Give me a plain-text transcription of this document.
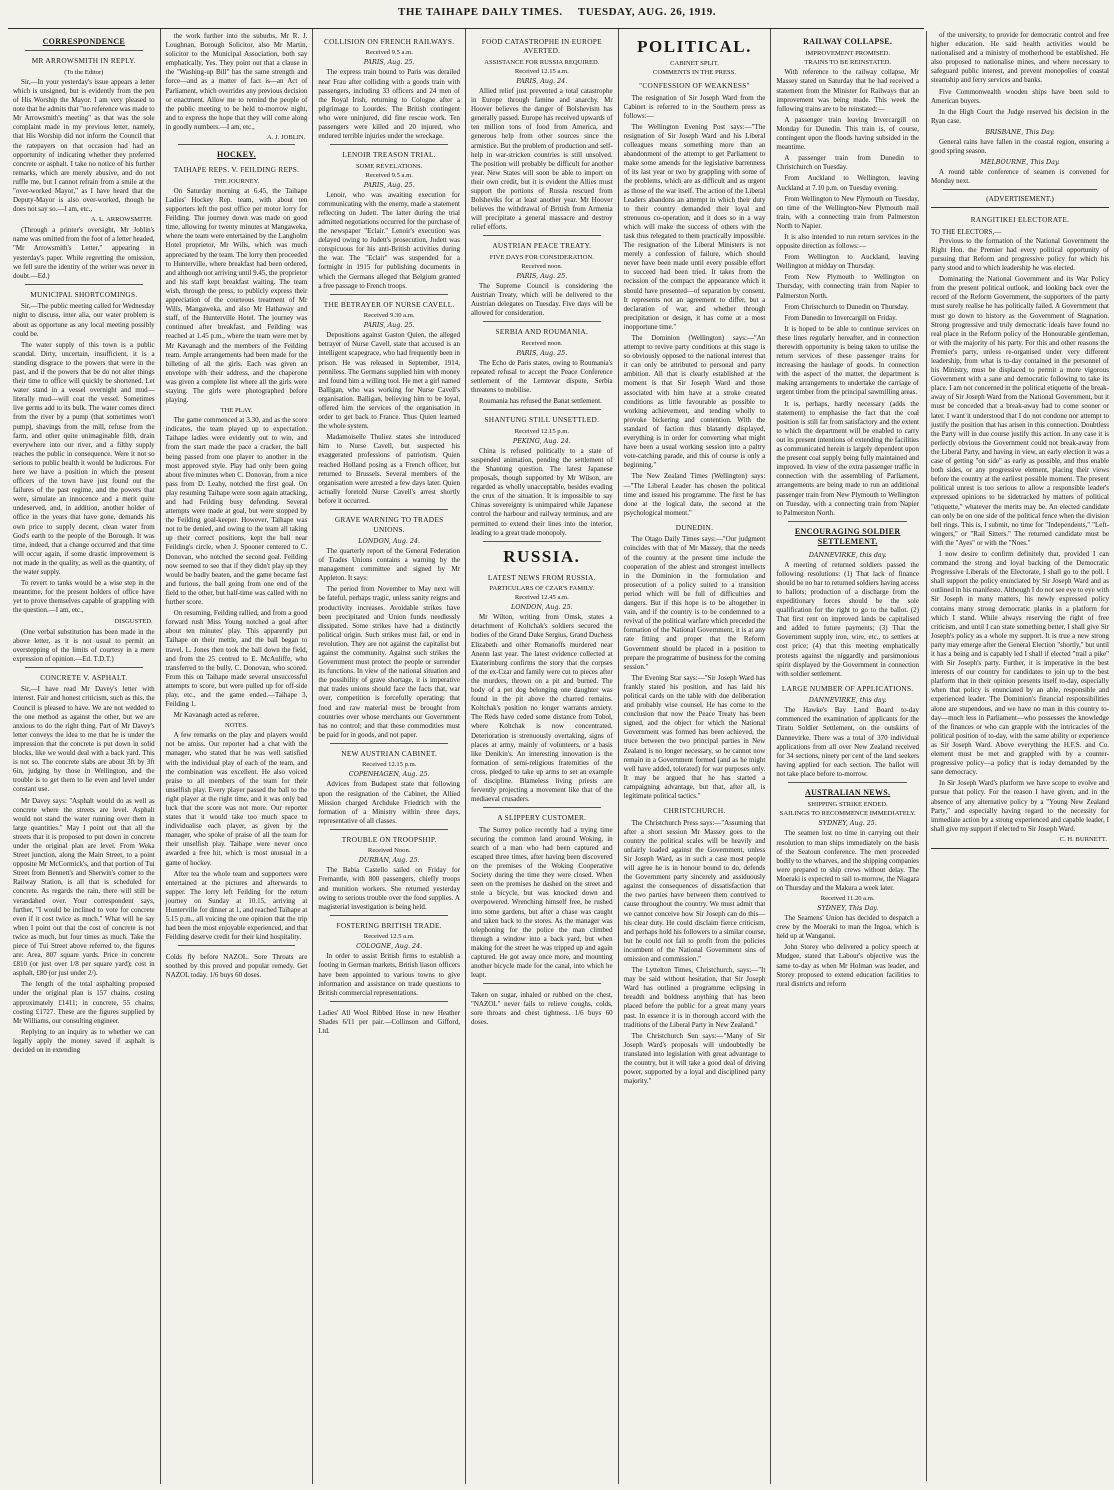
THE TAIHAPE DAILY TIMES. TUESDAY, AUG. 26, 1919.
CORRESPONDENCE
MR ARROWSMITH IN REPLY.
(To the Editor)

Sir,—In your yesterday's issue appears a letter which is unsigned, but is evidently from the pen of His Worship the Mayor. I am very pleased to note that he admits that "no reference was made to Mr Arrowsmith's meeting" as that was the sole complaint made in my previous letter, namely, that His Worship did not inform the Council that the ratepayers on that occasion had had an opportunity of indicating whether they preferred concrete or asphalt. I take no notice of his further remarks, which are merely abusive, and do not ruffle me, but I cannot refrain from a smile at the "over-worked Mayor," as I have heard that the Deputy-Mayor is also over-worked, though he does not say so.—I am, etc.,

A. L. ARROWSMITH.

(Through a printer's oversight, Mr Joblin's name was omitted from the foot of a letter headed, "Mr Arrowsmith's Letter," appearing in yesterday's paper. While regretting the omission, we fell sure the identity of the writer was never in doubt.—Ed.)

MUNICIPAL SHORTCOMINGS.

Sir,—The public meeting called for Wednesday night to discuss, inter alia, our water problem is about as opportune as any local meeting possibly could be.

The water supply of this town is a public scandal. Dirty, uncertain, insufficient, it is a standing disgrace to the powers that were in the past, and if the powers that be do not alter things their time to office will quickly be shortened. Let water stand in a vessel overnight and mud—literally mud—will coat the vessel. Sometimes live germs add to its bulk. The water comes direct from the river by a pump (that sometimes won't pump), shavings from the mill, refuse from the farm, and other quite unimaginable filth, drain everywhere into our river, and a filthy supply reaches the public in consequence. Were it not so serious to public health it would be ludicrous. For here we have a position in which the present officers of the town have just found out the failures of the past regime, and the powers that were, simulate an innocence and a merit quite undeserved, and, in addition, another holder of office in the years that have gone, demands his own price to supply decent, clean water from God's earth to the people of the Borough. It was time, indeed, that a change occurred and that time will occur again, if some drastic improvement is not made in the quality, as well as the quantity, of the water supply.

To revert to tanks would be a wise step in the meantime, for the present holders of office have yet to prove themselves capable of grappling with the question.—I am, etc.,

DISGUSTED.

(One verbal substitution has been made in the above letter, as it is not usual to permit an overstepping of the limits of courtesy in a mere expression of opinion.—Ed. T.D.T.)

CONCRETE V. ASPHALT.

Sir,—I have read Mr Davey's letter with interest. Fair and honest criticism, such as this, the Council is pleased to have. We are not wedded to the one method as against the other, but we are anxious to do the right thing. Part of Mr Davey's letter conveys the idea to me that he is under the impression that the concrete is put down in solid blocks, like we would deal with a back yard. This is not so. The concrete slabs are about 3ft by 3ft 6in, judging by those in Wellington, and the trouble is to get them to lie even and level under constant use.

Mr Davey says: "Asphalt would do as well as concrete where the streets are level. Asphalt would not stand the water running over them in large quantities." May I point out that all the streets that it is proposed to put down in concrete under the original plan are level. From Weka Street junction, along the Main Street, to a point opposite Mr McCormick's, and that portion of Tui Street from Bennett's and Sherwin's corner to the Railway Station, is all that is scheduled for concrete. As regards the rain, there will still be verandahed over. Your correspondent says, further, "I would be inclined to vote for concrete even if it cost twice as much." What will he say when I point out that the cost of concrete is not twice as much, but four times as much. Take the piece of Tui Street above referred to, the figures are: Area, 807 square yards. Price in concrete £810 (or just over 1/8 per square yard); cost in asphalt, £80 (or just under 2/).

The length of the total asphalting proposed under the original plan is 157 chains, costing approximately £1411; in concrete, 55 chains, costing £1727. These are the figures supplied by Mr Williams, our consulting engineer.

Replying to an inquiry as to whether we can legally apply the money saved if asphalt is decided on in extending

the work further into the suburbs, Mr R. J. Loughnan, Borough Solicitor, also Mr Martin, solicitor to the Municipal Association, both say emphatically, Yes. They point out that a clause in the "Washing-up Bill" has the same strength and force—and as a matter of fact is—an Act of Parliament, which overrides any previous decision or enactment. Allow me to remind the people of the public meeting to be held to-morrow night, and to express the hope that they will come along in goodly numbers.—I am, etc.,

A. J. JOBLIN.
HOCKEY.
TAIHAPE REPS. V. FEILDING REPS.
THE JOURNEY.

On Saturday morning at 6.45, the Taihape Ladies' Hockey Rep. team, with about ten supporters left the post office per motor lorry for Feilding. The journey down was made on good time, allowing for twenty minutes at Mangaweka, where the team were entertained by the Langholm Hotel proprietor, Mr Wills, which was much appreciated by the team. The lorry then proceeded to Hunterville, where breakfast had been ordered, and although not arriving until 9.45, the proprietor and his staff kept breakfast waiting. The team wish, through the press, to publicly express their appreciation of the courteous treatment of Mr Wills, Mangaweka, and also Mr Hathaway and staff, of the Hunterville Hotel. The journey was continued after breakfast, and Feilding was reached at 1.45 p.m., where the team were met by Mr Kavanagh and the members of the Feilding team. Ample arrangements had been made for the billeting of all the girls. Each was given an envelope with their address, and the chaperone was given a complete list where all the girls were staying. The girls were photographed before playing.

THE PLAY.

The game commenced at 3.30, and as the score indicates, the team played up to expectation. Taihape ladies were evidently out to win, and from the start made the pace a cracker, the ball being passed from one player to another in the most approved style. Play had only been going about five minutes when C. Donovan, from a nice pass from D. Leahy, notched the first goal. On play resuming Taihape were soon again attacking, and had Feilding busy defending. Several attempts were made at goal, but were stopped by the Feilding goal-keeper. However, Taihape was not to be denied, and owing to the team all taking up their correct positions, kept the ball near Feilding's circle, when J. Spooner centered to C. Donovan, who notched the second goal. Feilding now seemed to see that if they didn't play up they would be badly beaten, and the game became fast and furious, the ball going from one end of the field to the other, but half-time was called with no further score.

On resuming, Feilding rallied, and from a good forward rush Miss Young notched a goal after about ten minutes' play. This apparently put Taihape on their mettle, and the ball began to travel. L. Jones then took the ball down the field, and from the 25 centred to E. McAuliffe, who transferred to the bully, C. Donovan, who scored. From this on Taihape made several unsuccessful attempts to score, but were pulled up for off-side play, etc., and the game ended.—Taihape 3, Feilding 1.

Mr Kavanagh acted as referee.

NOTES.

A few remarks on the play and players would not be amiss. Our reporter had a chat with the manager, who stated that he was well satisfied with the individual play of each of the team, and the combination was excellent. He also voiced praise to all members of the team for their unselfish play. Every player passed the ball to the right player at the right time, and it was only bad luck that the score was not more. Our reporter states that it would take too much space to individualise each player, as given by the manager, who spoke of praise of all the team for their unselfish play. Taihape were never once awarded a free hit, which is most unusual in a game of hockey.

After tea the whole team and supporters were entertained at the pictures and afterwards to supper. The lorry left Feilding for the return journey on Sunday at 10.15, arriving at Hunterville for dinner at 1, and reached Taihape at 5.15 p.m., all voicing the one opinion that the trip had been the most enjoyable experienced, and that Feilding deserve credit for their kind hospitality.

Colds fly before NAZOL. Sore Throats are soothed by this proved and popular remedy. Get NAZOL today. 1/6 buys 60 doses.

COLLISION ON FRENCH RAILWAYS.
Received 9.5 a.m.
PARIS, Aug. 25.

The express train bound to Paris was derailed near Frau after colliding with a goods train with passengers, including 33 officers and 24 men of the Royal Irish, returning to Cologne after a pilgrimage to Lourdes. The British contingent who were uninjured, did fine rescue work. Ten passengers were killed and 20 injured, who endured terrible injuries under the wreckage.

LENOIR TREASON TRIAL.
SOME REVELATIONS.
Received 9.5 a.m.
PARIS, Aug. 25.

Lenoir, who was awaiting execution for communicating with the enemy, made a statement reflecting on Judett. The latter during the trial admitted negotiations occurred for the purchase of the newspaper "Eclair." Lenoir's execution was delayed owing to Judett's prosecution, Judett was conspicuous for his anti-British activities during the war. The "Eclair" was suspended for a fortnight in 1915 for publishing documents in which the Germans alleged that Belgium granted a free passage to French troops.

THE BETRAYER OF NURSE CAVELL.
Received 9.30 a.m.
PARIS, Aug. 25.

Depositions against Gaston Quien, the alleged betrayer of Nurse Cavell, state that accused is an intelligent scapegrace, who had frequently been in prison. He was released in September, 1914, penniless. The Germans supplied him with money and found him a willing tool. He met a girl named Balligan, who was working for Nurse Cavell's organisation. Balligan, believing him to be loyal, offered him the services of the organisation in order to get back to France. Thus Quien learned the whole system.

Madamoiselle Thuliez states she introduced him to Nurse Cavell, but suspected his exaggerated professions of patriotism. Quien reached Holland posing as a French officer, but returned to Brussels. Several members of the organisation were arrested a few days later. Quien actually foretold Nurse Cavell's arrest shortly before it occurred.

GRAVE WARNING TO TRADES UNIONS.
LONDON, Aug. 24.

The quarterly report of the General Federation of Trades Unions contains a warning by the management committee and signed by Mr Appleton. It says:

The period from November to May next will be fateful, perhaps tragic, unless sanity reigns and productivity increases. Avoidable strikes have been precipitated and Union funds needlessly dissipated. Some strikes have had a distinctly political origin. Such strikes must fail, or end in revolution. They are not against the capitalist but against the community. Against such strikes the Government must protect the people or surrender its functions. In view of the national situation and the possibility of grave shortage, it is imperative that trades unions should face the facts that, war over, competition is forcefully operating; that food and raw material must be brought from countries over whose merchants our Government has no control; and that these commodities must be paid for in goods, and not paper.

NEW AUSTRIAN CABINET.
Received 12.15 p.m.
COPENHAGEN, Aug. 25.

Advices from Budapest state that following upon the resignation of the Cabinet, the Allied Mission charged Archduke Friedrich with the formation of a Ministry within three days, representative of all classes.

TROUBLE ON TROOPSHIP.
Received Noon.
DURBAN, Aug. 25.

The Babia Castello sailed on Friday for Fremantle, with 800 passengers, chiefly troops and munition workers. She returned yesterday owing to serious trouble over the food supplies. A magisterial investigation is being held.

FOSTERING BRITISH TRADE.
Received 12.5 a.m.
COLOGNE, Aug. 24.

In order to assist British firms to establish a footing in German markets, British liason officers have been appointed to various towns to give information and assistance on trade questions to British commercial representations.

Ladies' All Wool Ribbed Hose in new Heather Shades 6/11 per pair.—Collinson and Gifford, Ltd.

FOOD CATASTROPHE IN EUROPE AVERTED.
ASSISTANCE FOR RUSSIA REQUIRED.
Received 12.15 a.m.
PARIS, Aug. 24.

Allied relief just prevented a total catastrophe in Europe through famine and anarchy. Mr Hoover believes the danger of Bolshevism has generally passed. Europe has received upwards of ten million tons of food from America, and generous help from other sources since the armistice. But the problem of production and self-help in war-stricken countries is still unsolved. The position will probably be difficult for another year. New States will soon be able to import on their own credit, but it is evident the Allies must support the portions of Russia rescued from Bolsheviks for at least another year. Mr Hoover believes the withdrawal of British from Armenia will precipitate a general massacre and destroy relief efforts.

AUSTRIAN PEACE TREATY.
FIVE DAYS FOR CONSIDERATION.
Received noon.
PARIS, Aug. 25.

The Supreme Council is considering the Austrian Treaty, which will be delivered to the Austrian delegates on Tuesday. Five days will be allowed for consideration.

SERBIA AND ROUMANIA.
Received noon.
PARIS, Aug. 25.

The Echo de Paris states, owing to Roumania's repeated refusal to accept the Peace Conference settlement of the Lemtevar dispute, Serbia threatens to mobilise.

Roumania has refused the Banat settlement.

SHANTUNG STILL UNSETTLED.
Received 12.15 p.m.
PEKING, Aug. 24.

China is refused politically to a state of suspended animation, pending the settlement of the Shantung question. The latest Japanese proposals, though supported by Mr Wilson, are regarded as wholly unacceptable, besides evading the crux of the situation. It is impossible to say Chinas sovereignty is unimpaired while Japanese control the harbour and railway terminus, and are permitted to extend their lines into the interior, leading to a great trade monopoly.

RUSSIA.
LATEST NEWS FROM RUSSIA.
PARTICULARS OF CZAR'S FAMILY.
Received 12.45 a.m.
LONDON, Aug. 25.

Mr Wilton, writing from Omsk, states a detachment of Koltchak's soldiers secured the bodies of the Grand Duke Sergius, Grand Duchess Elizabeth and other Romanoffs murdered near Anenn last year. The latest evidence collected at Ekaterinburg confirms the story that the corpses of the ex-Czar and family were cut to pieces after the murders, thrown on a pit and burned. The body of a pet dog belonging one daughter was found in the pit above the charred remains. Koltchak's position no longer warrants anxiety. The Reds have ceded some distance from Tobol, where Koltchak is now concentrated. Deterioration is strenuously overtaking, signs of places at army, mainly of volunteers, or a basis like Denikin's. An interesting innovation is the formation of semi-religious fraternities of the cross, pledged to take up arms to set an example of discipline. Blameless living priests are fervently projecting a movement like that of the mediaeval crusaders.

A SLIPPERY CUSTOMER.

The Surrey police recently had a trying time securing the common land around Woking, in search of a man who had been captured and escaped three times, after having been discovered on the premises of the Woking Cooperative Society during the time they were closed. When seen on the premises he dashed on the street and stole a bicycle, but was knocked down and overpowered. Wrenching himself free, he rushed into some gardens, but after a chase was caught and taken back to the stores. As the manager was telephoning for the police the man climbed through a window into a back yard, but when making for the street he was tripped up and again captured. He got away once more, and mounting another bicycle made for the canal, into which he leapt.

Taken on sugar, inhaled or rubbed on the chest, "NAZOL" never fails to relieve coughs, colds, sore throats and chest tightness. 1/6 buys 60 doses.

POLITICAL.
CABINET SPLIT.
COMMENTS IN THE PRESS.
"CONFESSION OF WEAKNESS"

The resignation of Sir Joseph Ward from the Cabinet is referred to in the Southern press as follows:—

The Wellington Evening Post says:—"The resignation of Sir Joseph Ward and his Liberal colleagues means something more than an abandonment of the attempt to get Parliament to make some amends for the legislative barrenness of its last year or two by grappling with some of the problems, which are as difficult and as urgent as those of the war itself. The action of the Liberal Leaders abandons an attempt in which their duty to their country demanded their loyal and strenuous co-operation, and it does so in a way which will make the success of others with the task thus relegated to them practically impossible. The resignation of the Liberal Ministers is not merely a confession of failure, which should never have been made until every possible effort to succeed had been tried. It takes from the recission of the compact the appearance which it should have presented—of separation by consent. It represents not an agreement to differ, but a declaration of war, and whether through precipitation or design, it has come at a most inopportune time."

The Dominion (Wellington) says:—"An attempt to revive party conditions at this stage is so obviously opposed to the national interest that it can only be attributed to personal and party ambition. All that is clearly established at the moment is that Sir Joseph Ward and those associated with him have at a stroke created conditions as little favourable as possible to working achievement, and tending wholly to provoke bickering and contention. With the standard of faction thus blatantly displayed, everything is in order for converting what might have been a usual working session into a paltry vote-catching parade, and this of course is only a beginning."

The New Zealand Times (Wellington) says:—"The Liberal Leader has chosen the political time and issued his programme. The first he has done at the logical date, the second at the psychological moment."

DUNEDIN.

The Otago Daily Times says:—"Our judgment coincides with that of Mr Massey, that the needs of the country at the present time include the cooperation of the ablest and strongest intellects in the Dominion in the formulation and prosecution of a policy suited to a transition period which will be full of difficulties and dangers. But if this hope is to be altogether in vain, and if the country is to be condemned to a revival of the political warfare which preceded the formation of the National Government, it is at any rate fitting and proper that the Reform Government should be placed in a position to prepare the programme of business for the coming session."

The Evening Star says:—"Sir Joseph Ward has frankly stated his position, and has laid his political cards on the table with due deliberation and probably wise counsel. He has come to the conclusion that now the Peace Treaty has been signed, and the object for which the National Government was formed has been achieved, the truce between the two principal parties in New Zealand is no longer necessary, so he cannot now remain in a Government formed (and as he might well have added, tolerated) for war purposes only. It may be argued that he has started a campaigning advantage, but that, after all, is legitimate political tactics."

CHRISTCHURCH.

The Christchurch Press says:—"Assuming that after a short session Mr Massey goes to the country the political scales will be heavily and unfairly loaded against the Government, unless Sir Joseph Ward, as in such a case most people will agree he is in honour bound to do, defends the Government party sincerely and assiduously against the consequences of dissatisfaction that the two parties have between them contrived to cause throughout the country. We must admit that we cannot conceive how Sir Joseph can do this—his clear duty. He could disclaim fierce criticism, and perhaps hold his followers to a similar course, but he could not fail to profit from the policies incumbent of the National Government sins of omission and commission."

The Lyttelton Times, Christchurch, says:—"It may be said without hesitation, that Sir Joseph Ward has outlined a programme eclipsing in breadth and boldness anything that has been placed before the public for a great many years past. In essence it is in thorough accord with the traditions of the Liberal Party in New Zealand."

The Christchurch Sun says:—"Many of Sir Joseph Ward's proposals will undoubtedly be translated into legislation with great advantage to the country, but it will take a good deal of driving power, supported by a loyal and disciplined party majority."

RAILWAY COLLAPSE.
IMPROVEMENT PROMISED.
TRAINS TO BE REINSTATED.

With reference to the railway collapse, Mr Massey stated on Saturday that he had received a statement from the Minister for Railways that an improvement was being made. This week the following trains are to be reinstated:—

A passenger train leaving Invercargill on Monday for Dunedin. This train is, of course, contingent upon the floods having subsided in the meantime.

A passenger train from Dunedin to Christchurch on Tuesday.

From Auckland to Wellington, leaving Auckland at 7.10 p.m. on Tuesday evening.

From Wellington to New Plymouth on Tuesday, on time of the Wellington-New Plymouth mail train, with a connecting train from Palmerston North to Napier.

It is also intended to run return services in the opposite direction as follows:—

From Wellington to Auckland, leaving Wellington at midday on Thursday.

From New Plymouth to Wellington on Thursday, with connecting train from Napier to Palmerston North.

From Christchurch to Dunedin on Thursday.

From Dunedin to Invercargill on Friday.

It is hoped to be able to continue services on these lines regularly hereafter, and in connection therewith opportunity is being taken to utilise the return services of these passenger trains for increasing the haulage of goods. In connection with the aspect of the matter, the department is making arrangements to undertake the carriage of urgent timber from the principal sawmilling areas.

It is, perhaps, hardly necessary (adds the statement) to emphasise the fact that the coal position is still far from satisfactory and the extent to which the department will be enabled to carry out its present intentions of extending the facilities as communicated herein is largely dependent upon the present coal supply being fully maintained and improved. In view of the extra passenger traffic in connection with the assembling of Parliament, arrangements are being made to run an additional passenger train from New Plymouth to Wellington on Tuesday, with a connecting train from Napier to Palmerston North.

ENCOURAGING SOLDIER SETTLEMENT.
DANNEVIRKE, this day.

A meeting of returned soldiers passed the following resolutions: (1) That lack of finance should be no bar to returned soldiers having access to ballots; production of a discharge from the expeditionary forces should be the sole qualification for the right to go to the ballot. (2) That first rent on improved lands be capitalised and added to future payments; (3) That the Government supply iron, wire, etc., to settlers at cost price; (4) that this meeting emphatically protests against the niggardly and parsimonious spirit displayed by the Government in connection with soldier settlement.

LARGE NUMBER OF APPLICATIONS.
DANNEVIRKE, this day.

The Hawke's Bay Land Board to-day commenced the examination of applicants for the Tiratu Soldier Settlement, on the outskirts of Dannevirke. There was a total of 370 individual applications from all over New Zealand received for 34 sections, ninety per cent of the land seekers having applied for each section. The ballot will not take place before to-morrow.

AUSTRALIAN NEWS.
SHIPPING STRIKE ENDED.
SAILINGS TO RECOMMENCE IMMEDIATELY.
SYDNEY, Aug. 25.

The seamen lost no time in carrying out their resolution to man ships immediately on the basis of the Seatoun conference. The men proceeded bodily to the wharves, and the shipping companies were prepared to ship crews without delay. The Moeraki is expected to sail to-morrow, the Niagara on Thursday and the Makura a week later.

Received 11.20 a.m.
SYDNEY, This Day.

The Seamens' Union has decided to despatch a crew by the Moeraki to man the Ingoa, which is held up at Wanganui.

John Storey who delivered a policy speech at Mudgee, stated that Labour's objective was the same to-day as when Mr Holman was leader, and Storey proposed to extend education facilities to rural districts and reform

of the university, to provide for democratic control and free higher education. He said health activities would be nationalised and a ministry of motherhood be established. He also proposed to nationalise mines, and where necessary to safeguard public interest, and prevent monopolies of coastal steamship and ferry services and banks.

Five Commonwealth wooden ships have been sold to American buyers.

In the High Court the Judge reserved his decision in the Ryan case.

BRISBANE, This Day.

General rains have fallen in the coastal region, ensuring a good spring season.

MELBOURNE, This Day.

A round table conference of seamen is convened for Monday next.

(ADVERTISEMENT.)
RANGITIKEI ELECTORATE.
TO THE ELECTORS,—

Previous to the formation of the National Government the Right Hon. the Premier had every political opportunity of pursuing that Reform and progressive policy for which his party stood and to which leadership he was elected.

Dominating the National Government and its War Policy from the present political outlook, and looking back over the record of the Reform Government, the supporters of the party must surely realise he has politically failed. A Government that must go down to history as the Government of Stagnation. Strong progressive and truly democratic ideals have found no real place in the Reform policy of the Honourable gentleman, or with the majority of his party. For this and other reasons the Premier's party, unless re-organised under very different leadership, from what is to-day contained in the personnel of his Ministry, must be displaced to permit a more vigorous Government with a sane and democratic following to take its place. I am not concerned in the political etiquette of the break-away of Sir Joseph Ward from the National Government, but it must be conceded that a break-away had to come sooner or later. I want it understood that I do not condone nor attempt to justify the position that has arisen in this connection. Doubtless the Party will in due course justify this action. In any case it is perfectly obvious the Government could not break-away from the Liberal Party, and having in view, an early election it was a case of getting "on side" as early as possible, and thus enable both sides, or any progressive element, placing their views before the country at the earliest possible moment. The present political unrest is too serious to allow a responsible leader's expressed opinions to be sidetracked by matters of political "etiquette," whatever the merits may be. An elected candidate can only be on one side of the political fence when the division bell rings. This is, I submit, no time for "Independents," "Left-wingers," or "Rail Sitters." The returned candidate must be with the "Ayes" or with the "Noes."

I now desire to confirm definitely that, provided I can command the strong and loyal backing of the Democratic Progressive Liberals of the Electorate, I shall go to the poll. I shall support the policy enunciated by Sir Joseph Ward and as outlined in his manifesto. Although I do not see eye to eye with Sir Joseph in many matters, his newly expressed policy contains many strong democratic planks in a platform for which I stand. While always reserving the right of free criticism, and until I can state something better, I shall give Sir Joseph's policy as a whole my support. It is true a new strong party may emerge after the General Election "shortly," but until it has a being and is capably led I shall if elected "trail a pike" with Sir Joseph's party. Further, it is imperative in the best interests of our country for candidates to join up to the best platform that in their opinion presents itself to-day, especially when that policy is enunciated by an able, responsible and experienced leader. The Dominion's financial responsibilities alone are stupendous, and we have no man in this country to-day—much less in Parliament—who possesses the knowledge of the finances or who can grapple with the intricacies of the political position of to-day, with the same ability or experience as Sir Joseph Ward. Above everything the H.F.S. and Co. element must be met and grappled with by a counter-progressive policy—a policy that is today demanded by the sane democracy.

In Sir Joseph Ward's platform we have scope to evolve and pursue that policy. For the reason I have given, and in the absence of any alternative policy by a "Young New Zealand Party," and especially having regard to the necessity for immediate action by a strong experienced and capable leader, I shall give my support if elected to Sir Joseph Ward.

C. H. BURNETT.
